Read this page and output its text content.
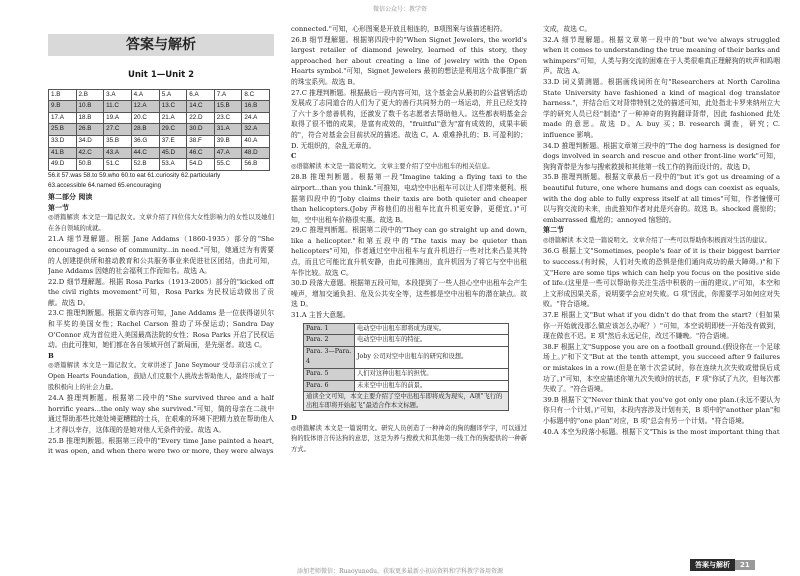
微信公众号：教学资
答案与解析
Unit 1—Unit 2
1.B	2.B	3.A	4.A	5.A	6.A	7.A	8.C
9.B	10.B	11.C	12.A	13.C	14.C	15.B	16.B
17.A	18.B	19.A	20.C	21.A	22.D	23.C	24.A
25.B	26.B	27.C	28.B	29.C	30.D	31.A	32.A
33.D	34.D	35.B	36.G	37.E	38.F	39.B	40.A
41.B	42.C	43.A	44.C	45.D	46.C	47.A	48.D
49.D	50.B	51.C	52.B	53.A	54.D	55.C	56.B
56.it 57.was 58.to 59.who 60.to eat 61.curiosity 62.particularly
63.accessible 64.named 65.encouraging
第二部分 阅读
第一节

◎语篇解读 本文是一篇记叙文。文章介绍了四位伟大女性影响力的女性以及她们在各自领域的成就。

21.A 细节理解题。根据 Jane Addams（1860-1935）部分的"She encouraged a sense of community...in need."可知，她通过为有需要的人创建提供所和推动教育和公共服务事业来促进社区团结，由此可知，Jane Addams 因她的社会福利工作而知名。故选 A。

22.D 细节理解题。根据 Rosa Parks（1913-2005）部分的"kicked off the civil rights movement"可知，Rosa Parks 为民权运动做出了贡献。故选 D。

23.C 推理判断题。根据文章内容可知，Jane Addams 是一位获得诺贝尔和平奖的美国女性；Rachel Carson 推动了环保运动；Sandra Day O'Connor 成为首位进入美国最高法院的女性；Rosa Parks 开启了民权运动。由此可推知，她们都在各自领域开创了新局面，是先驱者。故选 C。

B

◎语篇解读 本文是一篇记叙文。文章讲述了 Jane Seymour 受母亲启示成立了 Open Hearts Foundation，鼓励人们克服个人挑战去帮助他人，最终形成了一股积极向上的社会力量。

24.A 推理判断题。根据第二段中的"She survived three and a half horrific years...the only way she survived."可知，简的母亲在二战中通过帮助那些比她处境更糟糕的士兵，在艰难的环境下把精力放在帮助他人上才得以幸存，这体现的是她对他人无条件的爱。故选 A。

25.B 推理判断题。根据第三段中的"Every time Jane painted a heart, it was open, and when there were two or more, they were always

connected."可知，心形图案是开放且相连的，B项图案与该描述相符。

26.B 细节理解题。根据第四段中的"When Signet Jewelers, the world's largest retailer of diamond jewelry, learned of this story, they approached her about creating a line of jewelry with the Open Hearts symbol."可知，Signet Jewelers 最初的想法是利用这个故事推广新的珠宝系列。故选 B。

27.C 推理判断题。根据最后一段内容可知，这个基金会从最初的公益营销活动发展成了志同道合的人们为了更大的善行共同努力的一场运动，并且已经支持了六十多个慈善机构，还激发了数千名志愿者去帮助他人。这些都表明基金会取得了很不错的成果，是富有成效的，"fruitful"意为"富有成效的，成果丰硕的"，符合对基金会目前状况的描述。故选 C。A. 艰难挣扎的；B. 可盈利的；D. 无组织的，杂乱无章的。

C

◎语篇解读 本文是一篇说明文。文章主要介绍了空中出租车的相关信息。

28.B 推理判断题。根据第一段"Imagine taking a flying taxi to the airport...than you think."可推知，电动空中出租车可以让人们带来便利。根据第四段中的"Joby claims their taxis are both quieter and cheaper than helicopters.(Joby 声称他们的出租车比直升机更安静，更便宜。)"可知，空中出租车价格很实惠。故选 B。

29.C 推理判断题。根据第二段中的"They can go straight up and down, like a helicopter."和第五段中的"The taxis may be quieter than helicopters"可知，作者通过空中出租车与直升机进行一些对比来凸显其特点，而且它可能比直升机安静，由此可推测出，直升机因为了将它与空中出租车作比较。故选 C。

30.D 段落大意题。根据第五段可知，本段提到了一些人担心空中出租车会产生噪声，增加交通负担、危及公共安全等，这些都是空中出租车的潜在缺点。故选 D。

31.A 主旨大意题。

Para. 1	电动空中出租车即将成为现实。
Para. 2	电动空中出租车的特征。
Para. 3—Para. 4	Joby 公司对空中出租车的研究和设想。
Para. 5	人们对这种出租车的担忧。
Para. 6	未来空中出租车的前景。
通读全文可知，本文主要介绍了空中出租车即将成为现实，A项"飞行的出租车即将开始起飞"最适合作本文标题。	

D

◎语篇解读 本文是一篇说明文。研究人员创造了一种神奇的狗的翻译学字，可以通过狗的肢体语言传达狗的意思，这是为养与搜救犬和其他第一线工作的狗提供的一种新方式。

文成，故选 C。

32.A 细节理解题。根据文章第一段中的"but we've always struggled when it comes to understanding the true meaning of their barks and whimpers"可知，人类与狗交流的困难在于人类很难真正理解狗的吠声和呜咽声。故选 A。

33.D 词义猜测题。根据画线词所在句"Researchers at North Carolina State University have fashioned a kind of magical dog translator harness."，并结合后文对背带特别之处的描述可知，此处指北卡罗来纳州立大学的研究人员已经"制造"了一种神奇的狗狗翻译背带，因此 fashioned 此处 made 的意思。故选 D。A. buy 买；B. research 调查，研究；C. influence 影响。

34.D 推理判断题。根据文章第三段中的"The dog harness is designed for dogs involved in search and rescue and other front-line work"可知，狗狗背带是为参与搜索救援和其他第一线工作的狗而设计的。故选 D。

35.B 推理判断题。根据文章最后一段中的"but it's got us dreaming of a beautiful future, one where humans and dogs can coexist as equals, with the dog able to fully express itself at all times"可知，作者憧憬可以与狗交流的未来，由此推知作者对此是兴奋的。故选 B。shocked 震惊的；embarrassed 尴尬的；annoyed 恼怒的。

第二节

◎语篇解读 本文是一篇说明文。文章介绍了一些可以帮助你积极面对生活的建议。

36.G 根据上文"Sometimes, people's fear of it is their biggest barrier to success.(有时候，人们对失败的恐惧是他们通向成功的最大障碍。)"和下文"Here are some tips which can help you focus on the positive side of life.(这里是一些可以帮助你关注生活中积极的一面的建议。)"可知，本空和上文形成因果关系，说明要学会应对失败。G 项"因此，你需要学习如何应对失败。"符合语境。

37.E 根据上文"But what if you didn't do that from the start?（但如果你一开始就没那么做应该怎么办呢？）"可知，本空说明即使一开始没有做到，现在做也不迟。E 项"然后永远记住，改过不嫌晚。"符合语境。

38.F 根据上文"Suppose you are on a football ground.(假设你在一个足球场上。)"和下文"But at the tenth attempt, you succeed after 9 failures or mistakes in a row.(但是在第十次尝试时，你在连续九次失败或错误后成功了。)"可知，本空应描述你第九次失败时的状态，F 项"你试了九次，但每次都失败了。"符合语境。

39.B 根据下文"Never think that you've got only one plan.(永远不要认为你只有一个计划。)"可知，本段内容涉及计划有关，B 项中的"another plan"和小标题中的"one plan"对应，B 项"总会有另一个计划。"符合语境。

40.A 本空为段落小标题。根据下文"This is the most important thing that

答案与解析	21
添加老师微信：Ruaoyunedu，获取更多最新小初高资料和学科教学备用资源
